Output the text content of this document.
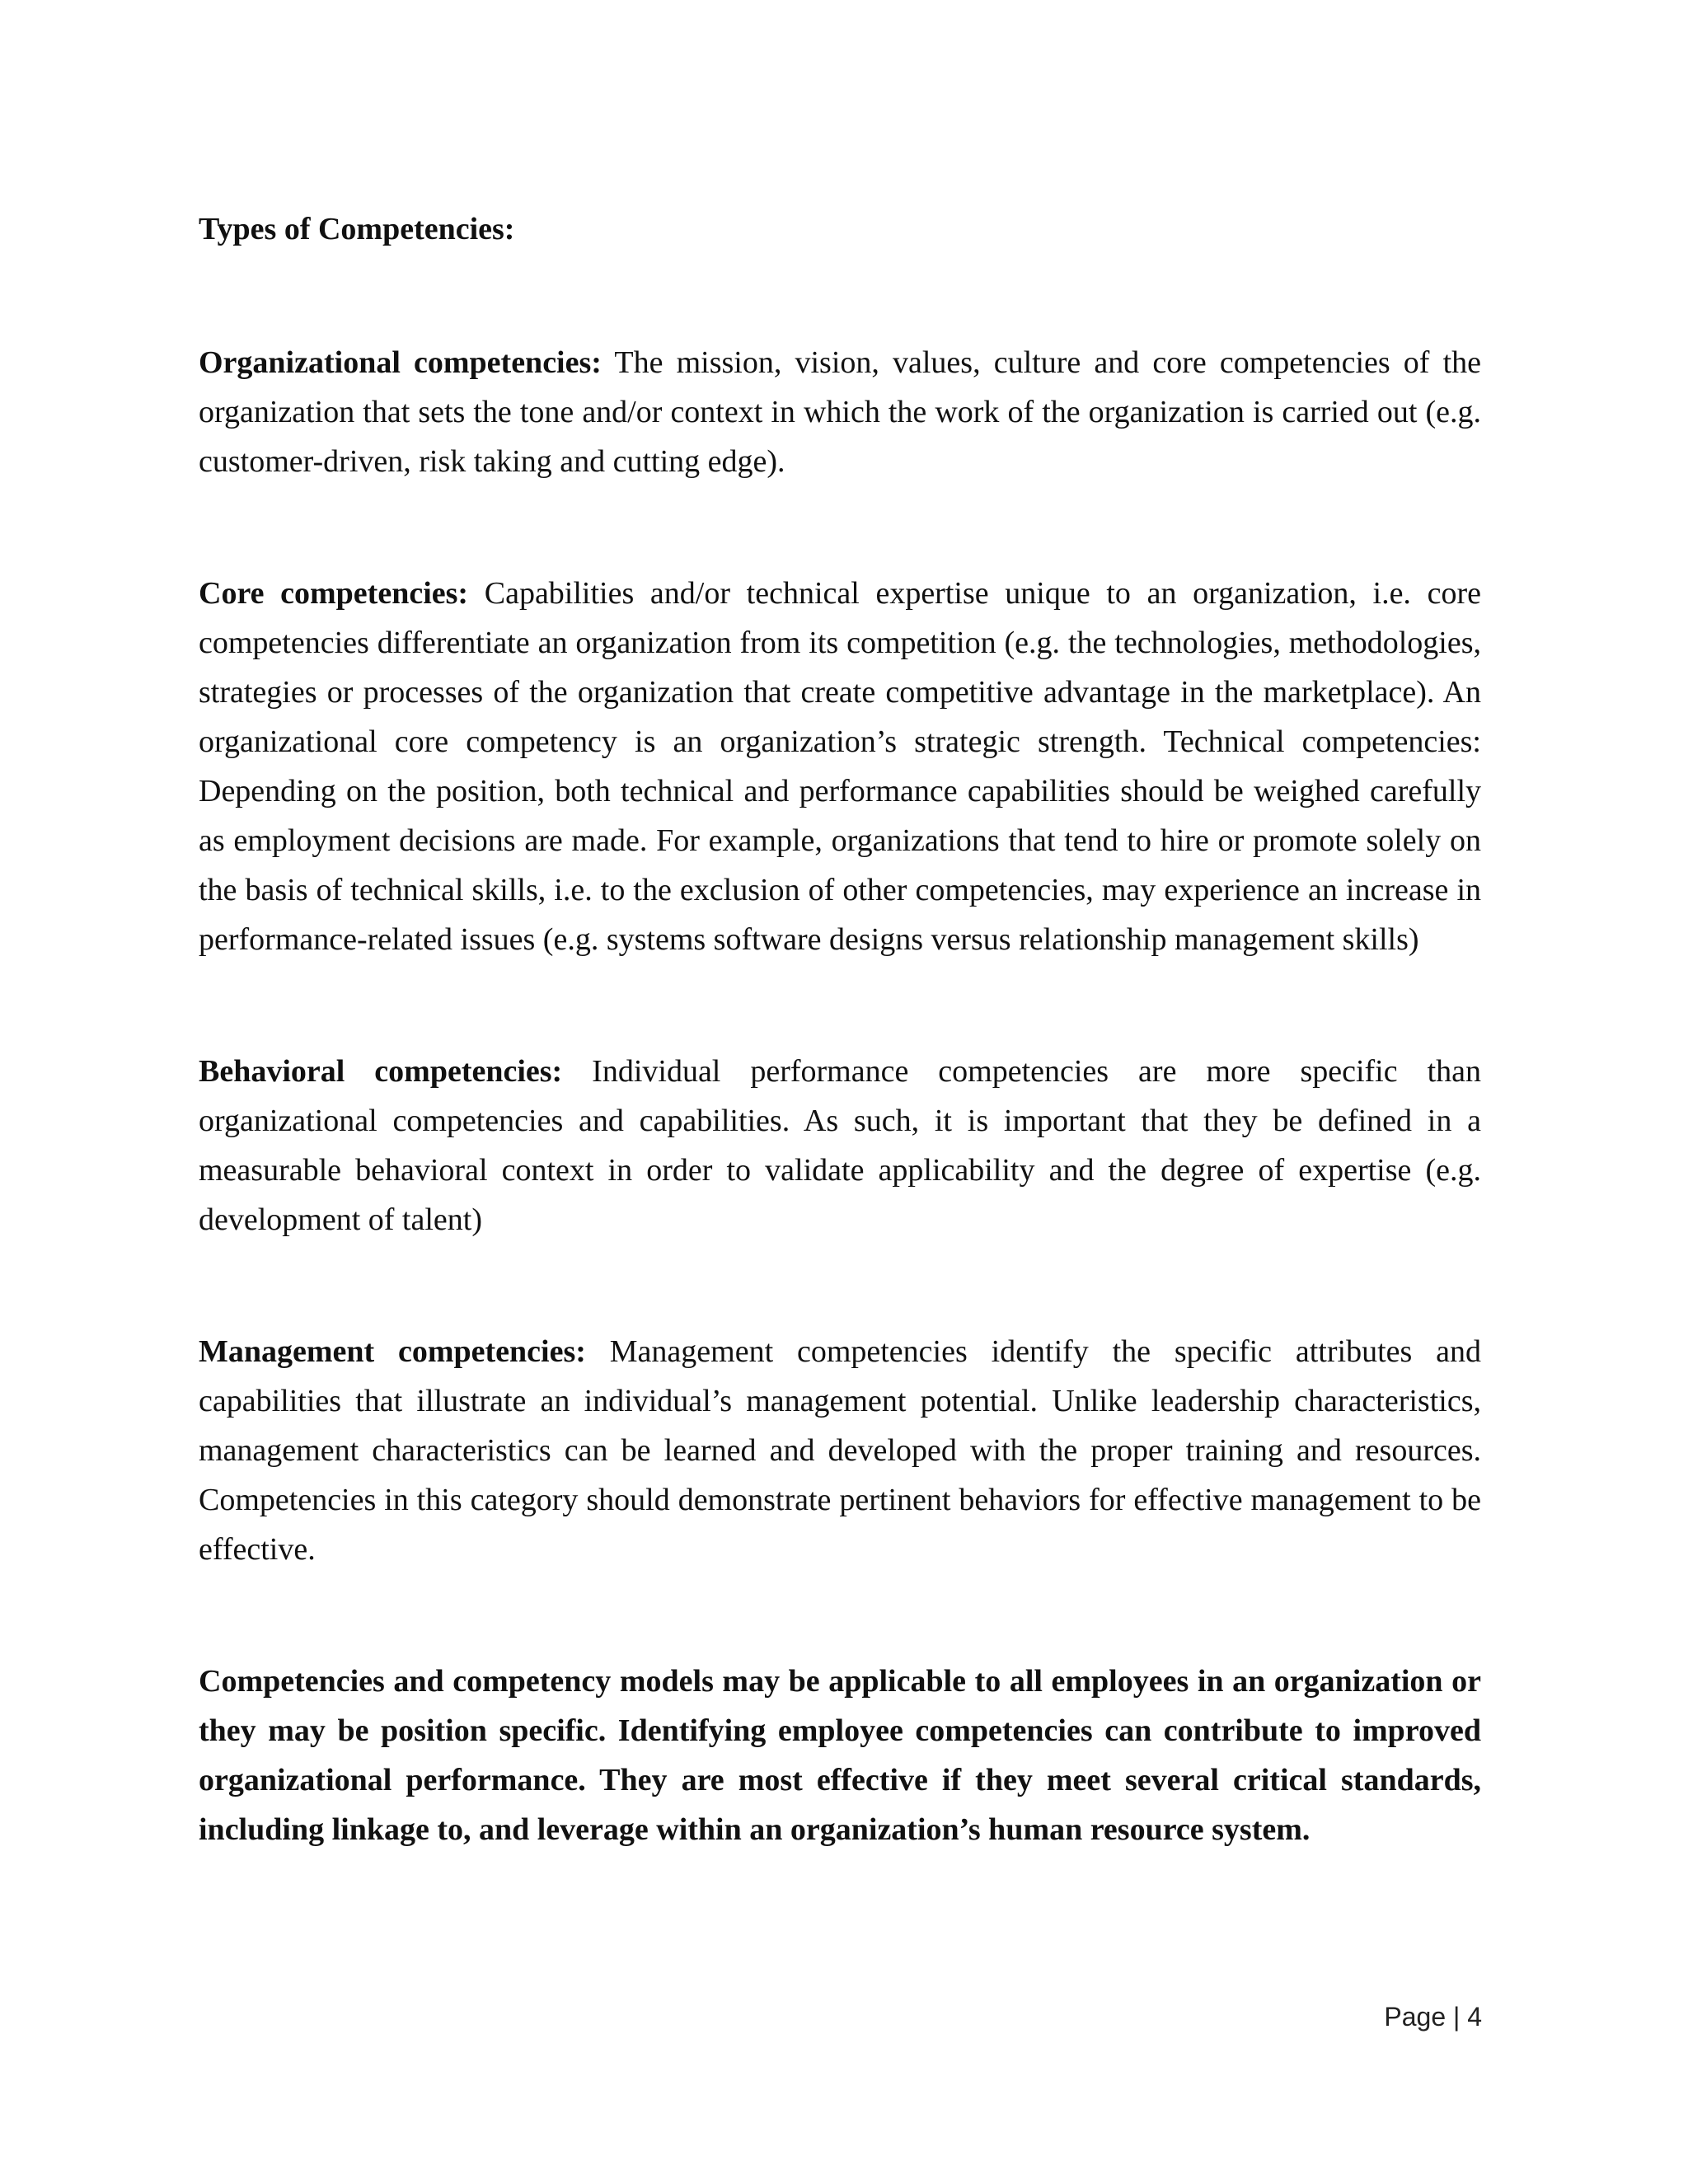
Types of Competencies:

Organizational competencies: The mission, vision, values, culture and core competencies of the organization that sets the tone and/or context in which the work of the organization is carried out (e.g. customer-driven, risk taking and cutting edge).

Core competencies: Capabilities and/or technical expertise unique to an organization, i.e. core competencies differentiate an organization from its competition (e.g. the technologies, methodologies, strategies or processes of the organization that create competitive advantage in the marketplace). An organizational core competency is an organization’s strategic strength. Technical competencies: Depending on the position, both technical and performance capabilities should be weighed carefully as employment decisions are made. For example, organizations that tend to hire or promote solely on the basis of technical skills, i.e. to the exclusion of other competencies, may experience an increase in performance-related issues (e.g. systems software designs versus relationship management skills)

Behavioral competencies: Individual performance competencies are more specific than organizational competencies and capabilities. As such, it is important that they be defined in a measurable behavioral context in order to validate applicability and the degree of expertise (e.g. development of talent)

Management competencies: Management competencies identify the specific attributes and capabilities that illustrate an individual’s management potential. Unlike leadership characteristics, management characteristics can be learned and developed with the proper training and resources. Competencies in this category should demonstrate pertinent behaviors for effective management to be effective.

Competencies and competency models may be applicable to all employees in an organization or they may be position specific. Identifying employee competencies can contribute to improved organizational performance. They are most effective if they meet several critical standards, including linkage to, and leverage within an organization’s human resource system.

Page | 4
